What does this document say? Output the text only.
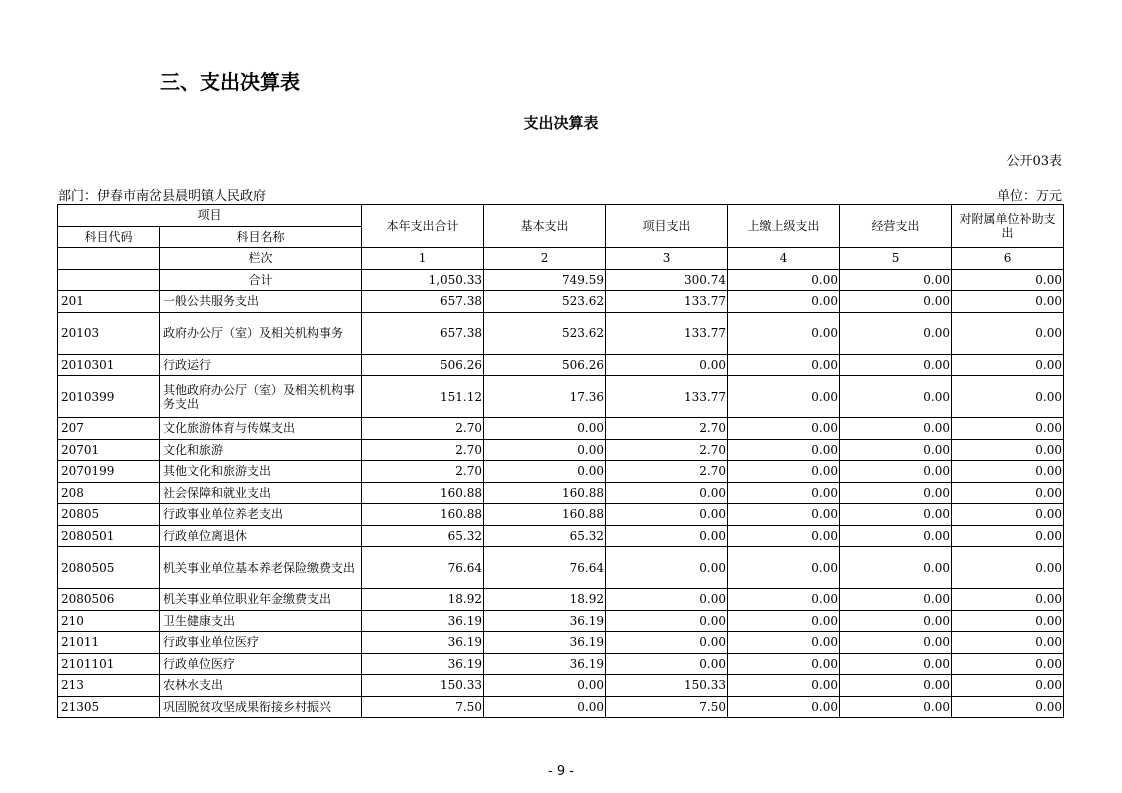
三、支出决算表
支出决算表
公开03表
部门：伊春市南岔县晨明镇人民政府	单位：万元
项目		本年支出合计	基本支出	项目支出	上缴上级支出	经营支出	对附属单位补助支出
科目代码	科目名称						
	栏次	1	2	3	4	5	6
	合计	1,050.33	749.59	300.74	0.00	0.00	0.00
201	一般公共服务支出	657.38	523.62	133.77	0.00	0.00	0.00
20103	政府办公厅（室）及相关机构事务	657.38	523.62	133.77	0.00	0.00	0.00
2010301	行政运行	506.26	506.26	0.00	0.00	0.00	0.00
2010399	其他政府办公厅（室）及相关机构事务支出	151.12	17.36	133.77	0.00	0.00	0.00
207	文化旅游体育与传媒支出	2.70	0.00	2.70	0.00	0.00	0.00
20701	文化和旅游	2.70	0.00	2.70	0.00	0.00	0.00
2070199	其他文化和旅游支出	2.70	0.00	2.70	0.00	0.00	0.00
208	社会保障和就业支出	160.88	160.88	0.00	0.00	0.00	0.00
20805	行政事业单位养老支出	160.88	160.88	0.00	0.00	0.00	0.00
2080501	行政单位离退休	65.32	65.32	0.00	0.00	0.00	0.00
2080505	机关事业单位基本养老保险缴费支出	76.64	76.64	0.00	0.00	0.00	0.00
2080506	机关事业单位职业年金缴费支出	18.92	18.92	0.00	0.00	0.00	0.00
210	卫生健康支出	36.19	36.19	0.00	0.00	0.00	0.00
21011	行政事业单位医疗	36.19	36.19	0.00	0.00	0.00	0.00
2101101	行政单位医疗	36.19	36.19	0.00	0.00	0.00	0.00
213	农林水支出	150.33	0.00	150.33	0.00	0.00	0.00
21305	巩固脱贫攻坚成果衔接乡村振兴	7.50	0.00	7.50	0.00	0.00	0.00
- 9 -
